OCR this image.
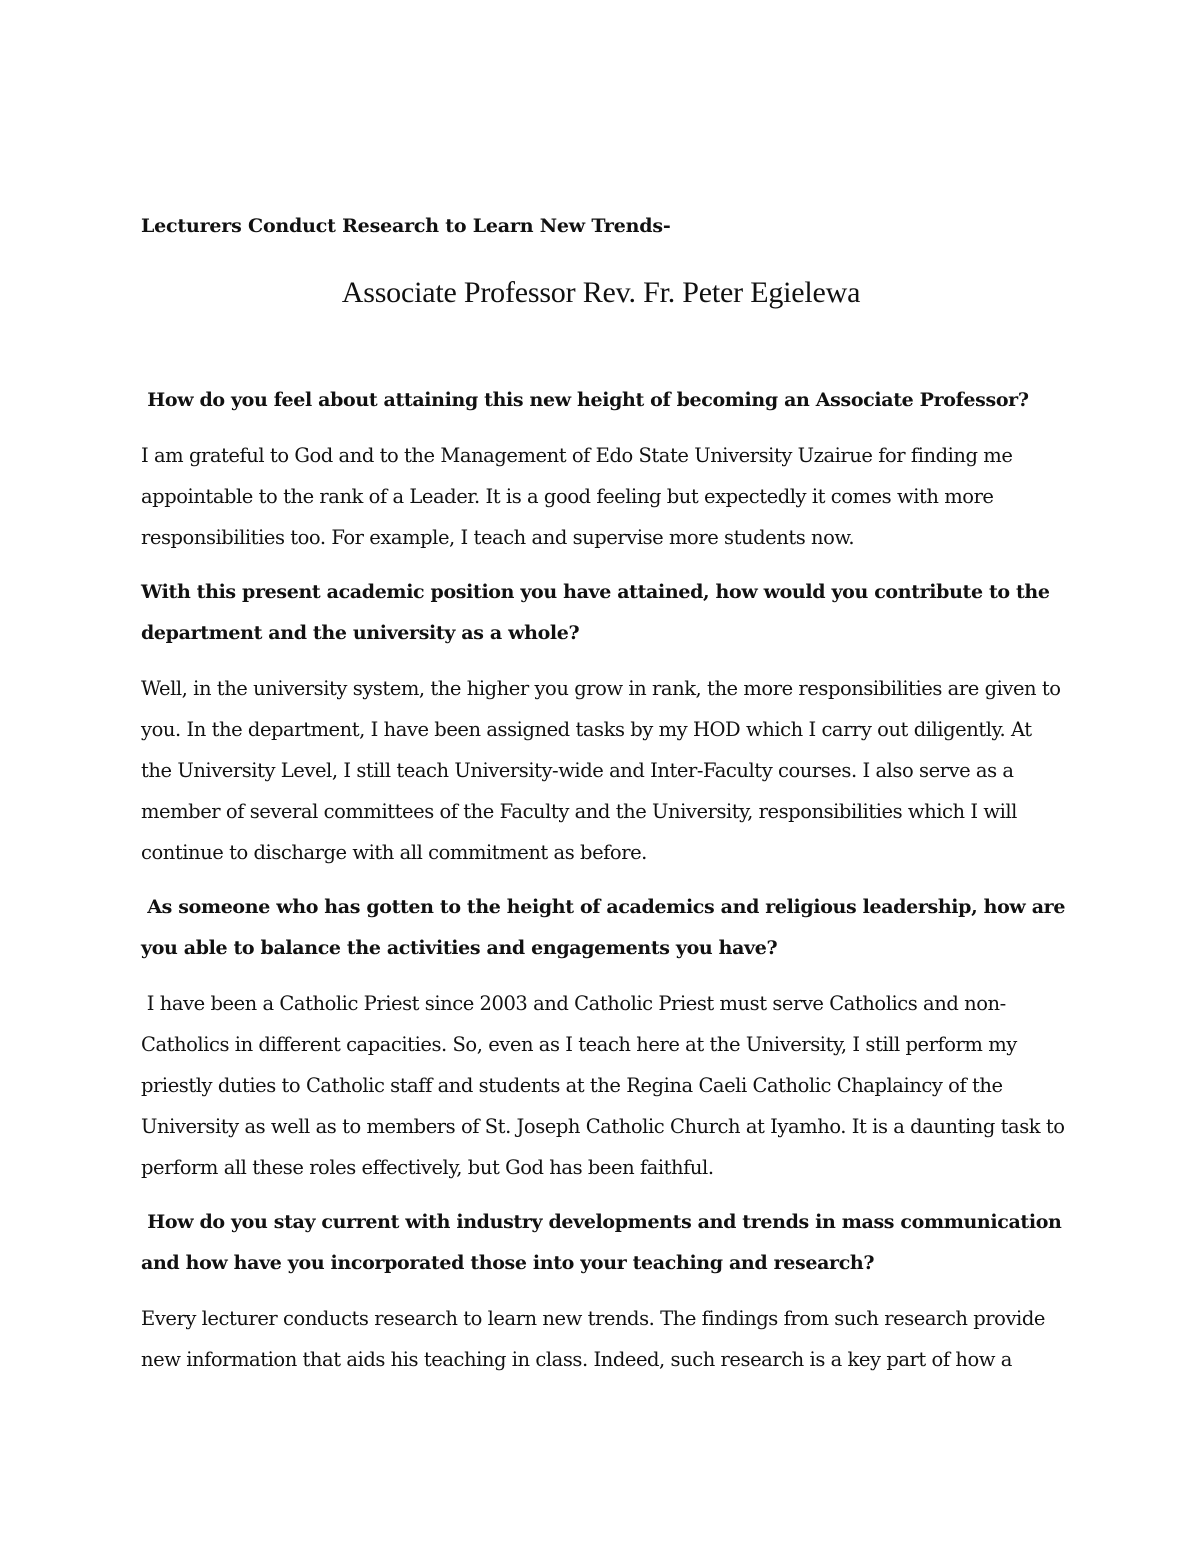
Lecturers Conduct Research to Learn New Trends-

Associate Professor Rev. Fr. Peter Egielewa

How do you feel about attaining this new height of becoming an Associate Professor?

I am grateful to God and to the Management of Edo State University Uzairue for finding me appointable to the rank of a Leader. It is a good feeling but expectedly it comes with more responsibilities too. For example, I teach and supervise more students now.

With this present academic position you have attained, how would you contribute to the department and the university as a whole?

Well, in the university system, the higher you grow in rank, the more responsibilities are given to you. In the department, I have been assigned tasks by my HOD which I carry out diligently. At the University Level, I still teach University-wide and Inter-Faculty courses. I also serve as a member of several committees of the Faculty and the University, responsibilities which I will continue to discharge with all commitment as before.

As someone who has gotten to the height of academics and religious leadership, how are you able to balance the activities and engagements you have?

I have been a Catholic Priest since 2003 and Catholic Priest must serve Catholics and non-Catholics in different capacities. So, even as I teach here at the University, I still perform my priestly duties to Catholic staff and students at the Regina Caeli Catholic Chaplaincy of the University as well as to members of St. Joseph Catholic Church at Iyamho. It is a daunting task to perform all these roles effectively, but God has been faithful.

How do you stay current with industry developments and trends in mass communication and how have you incorporated those into your teaching and research?

Every lecturer conducts research to learn new trends. The findings from such research provide new information that aids his teaching in class. Indeed, such research is a key part of how a
